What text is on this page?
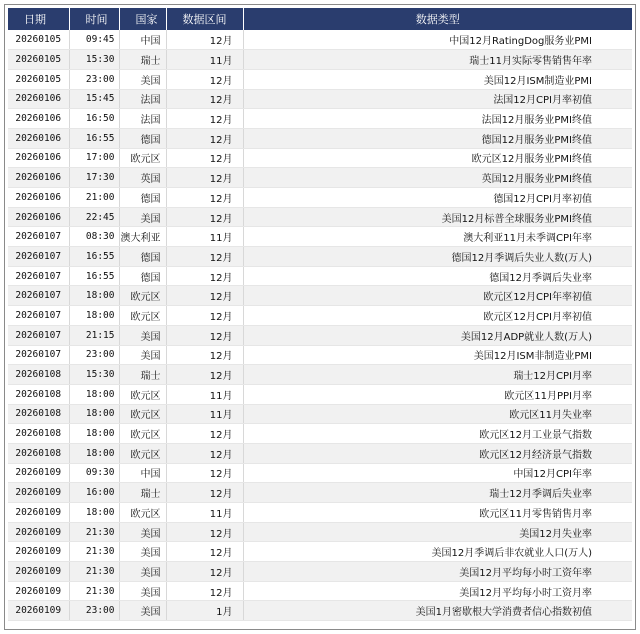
日期	时间	国家	数据区间	数据类型
20260105	09:45	中国	12月	中国12月RatingDog服务业PMI
20260105	15:30	瑞士	11月	瑞士11月实际零售销售年率
20260105	23:00	美国	12月	美国12月ISM制造业PMI
20260106	15:45	法国	12月	法国12月CPI月率初值
20260106	16:50	法国	12月	法国12月服务业PMI终值
20260106	16:55	德国	12月	德国12月服务业PMI终值
20260106	17:00	欧元区	12月	欧元区12月服务业PMI终值
20260106	17:30	英国	12月	英国12月服务业PMI终值
20260106	21:00	德国	12月	德国12月CPI月率初值
20260106	22:45	美国	12月	美国12月标普全球服务业PMI终值
20260107	08:30	澳大利亚	11月	澳大利亚11月未季调CPI年率
20260107	16:55	德国	12月	德国12月季调后失业人数(万人)
20260107	16:55	德国	12月	德国12月季调后失业率
20260107	18:00	欧元区	12月	欧元区12月CPI年率初值
20260107	18:00	欧元区	12月	欧元区12月CPI月率初值
20260107	21:15	美国	12月	美国12月ADP就业人数(万人)
20260107	23:00	美国	12月	美国12月ISM非制造业PMI
20260108	15:30	瑞士	12月	瑞士12月CPI月率
20260108	18:00	欧元区	11月	欧元区11月PPI月率
20260108	18:00	欧元区	11月	欧元区11月失业率
20260108	18:00	欧元区	12月	欧元区12月工业景气指数
20260108	18:00	欧元区	12月	欧元区12月经济景气指数
20260109	09:30	中国	12月	中国12月CPI年率
20260109	16:00	瑞士	12月	瑞士12月季调后失业率
20260109	18:00	欧元区	11月	欧元区11月零售销售月率
20260109	21:30	美国	12月	美国12月失业率
20260109	21:30	美国	12月	美国12月季调后非农就业人口(万人)
20260109	21:30	美国	12月	美国12月平均每小时工资年率
20260109	21:30	美国	12月	美国12月平均每小时工资月率
20260109	23:00	美国	1月	美国1月密歇根大学消费者信心指数初值
